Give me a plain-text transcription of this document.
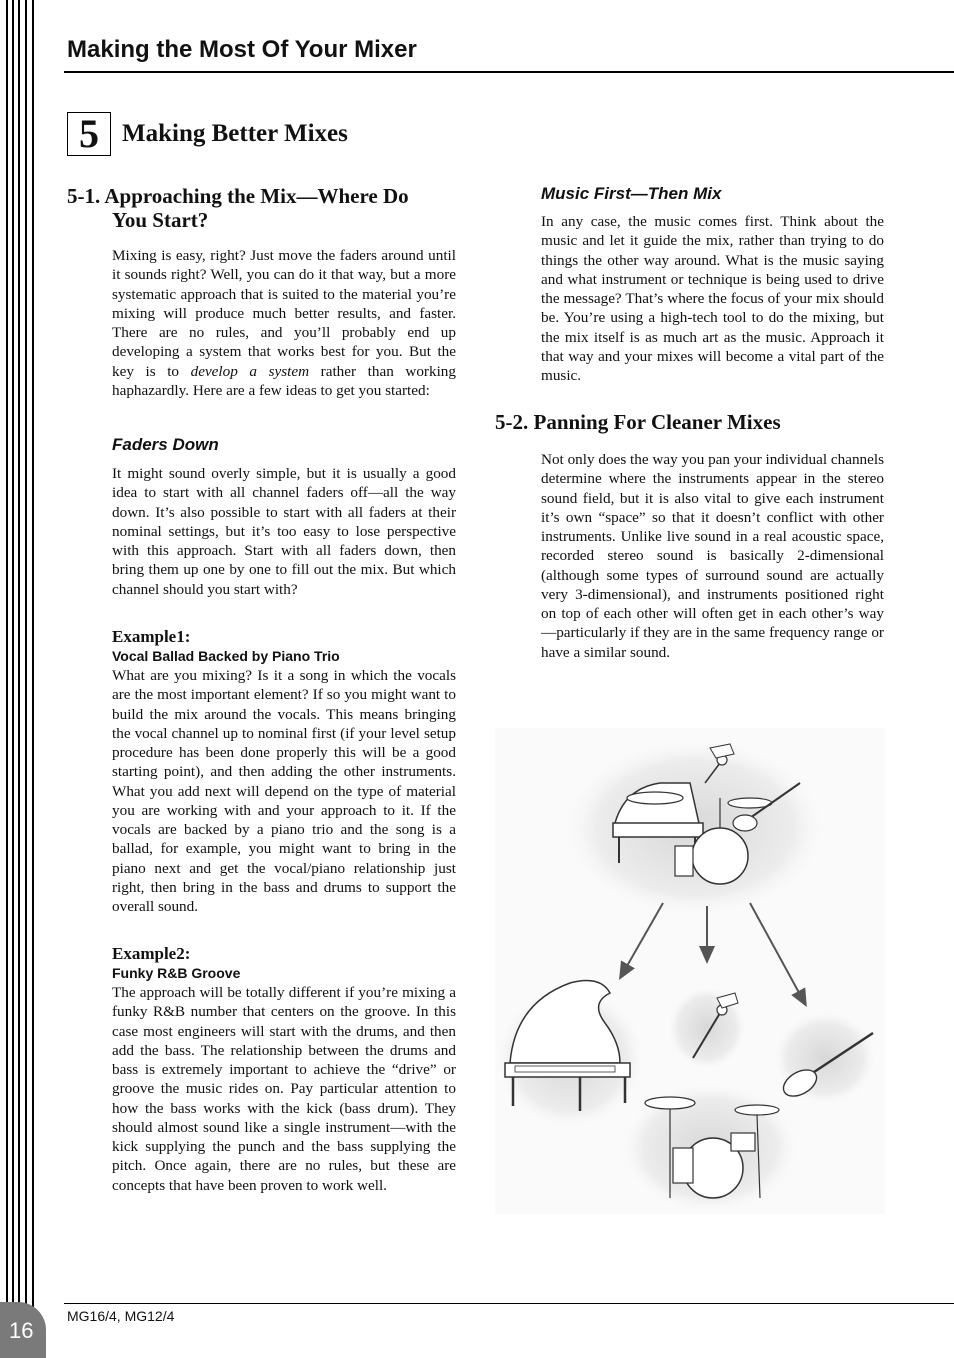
Making the Most Of Your Mixer
5 Making Better Mixes
5-1. Approaching the Mix—Where Do
You Start?

Mixing is easy, right? Just move the faders around until it sounds right? Well, you can do it that way, but a more systematic approach that is suited to the material you’re mixing will produce much better results, and faster. There are no rules, and you’ll probably end up developing a system that works best for you. But the key is to develop a system rather than working haphazardly. Here are a few ideas to get you started:

Faders Down

It might sound overly simple, but it is usually a good idea to start with all channel faders off—all the way down. It’s also possible to start with all faders at their nominal settings, but it’s too easy to lose perspective with this approach. Start with all faders down, then bring them up one by one to fill out the mix. But which channel should you start with?

Example1:
Vocal Ballad Backed by Piano Trio
What are you mixing? Is it a song in which the vocals are the most important element? If so you might want to build the mix around the vocals. This means bringing the vocal channel up to nominal first (if your level setup procedure has been done properly this will be a good starting point), and then adding the other instruments. What you add next will depend on the type of material you are working with and your approach to it. If the vocals are backed by a piano trio and the song is a ballad, for example, you might want to bring in the piano next and get the vocal/piano relationship just right, then bring in the bass and drums to support the overall sound.
Example2:
Funky R&B Groove
The approach will be totally different if you’re mixing a funky R&B number that centers on the groove. In this case most engineers will start with the drums, and then add the bass. The relationship between the drums and bass is extremely important to achieve the “drive” or groove the music rides on. Pay particular attention to how the bass works with the kick (bass drum). They should almost sound like a single instrument—with the kick supplying the punch and the bass supplying the pitch. Once again, there are no rules, but these are concepts that have been proven to work well.
Music First—Then Mix

In any case, the music comes first. Think about the music and let it guide the mix, rather than trying to do things the other way around. What is the music saying and what instrument or technique is being used to drive the message? That’s where the focus of your mix should be. You’re using a high-tech tool to do the mixing, but the mix itself is as much art as the music. Approach it that way and your mixes will become a vital part of the music.

5-2. Panning For Cleaner Mixes

Not only does the way you pan your individual channels determine where the instruments appear in the stereo sound field, but it is also vital to give each instrument it’s own “space” so that it doesn’t conflict with other instruments. Unlike live sound in a real acoustic space, recorded stereo sound is basically 2-dimensional (although some types of surround sound are actually very 3-dimensional), and instruments positioned right on top of each other will often get in each other’s way—particularly if they are in the same frequency range or have a similar sound.

MG16/4, MG12/4
16
